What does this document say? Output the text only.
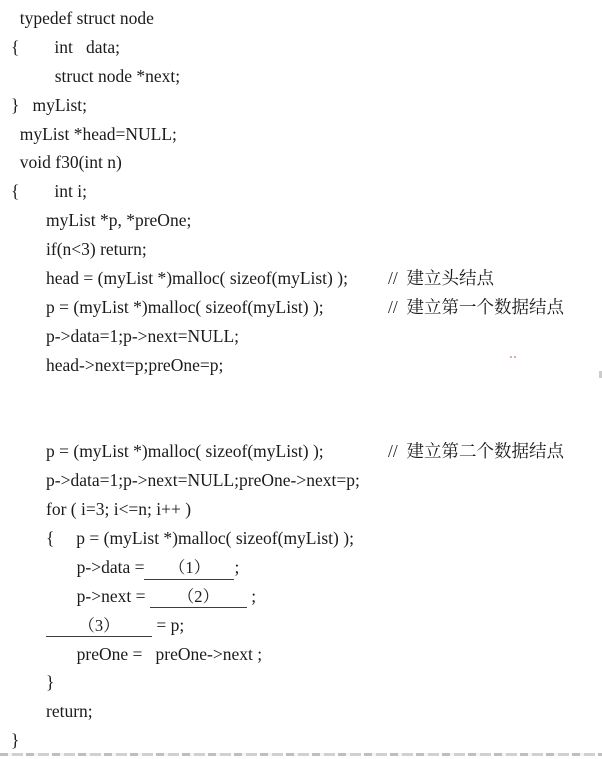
typedef struct node
{        int   data;
struct node *next;
}   myList;
myList *head=NULL;
void f30(int n)
{        int i;
myList *p, *preOne;
if(n<3) return;
head = (myList *)malloc( sizeof(myList) ); //  建立头结点
p = (myList *)malloc( sizeof(myList) );	//  建立第一个数据结点
p->data=1;p->next=NULL;
head->next=p;preOne=p;
p = (myList *)malloc( sizeof(myList) );	//  建立第二个数据结点
p->data=1;p->next=NULL;preOne->next=p;
for ( i=3; i<=n; i++ )
{     p = (myList *)malloc( sizeof(myList) );
p->data = （1） ;
p->next = （2） ;
（3） = p;
preOne =   preOne->next ;
}
return;
}
